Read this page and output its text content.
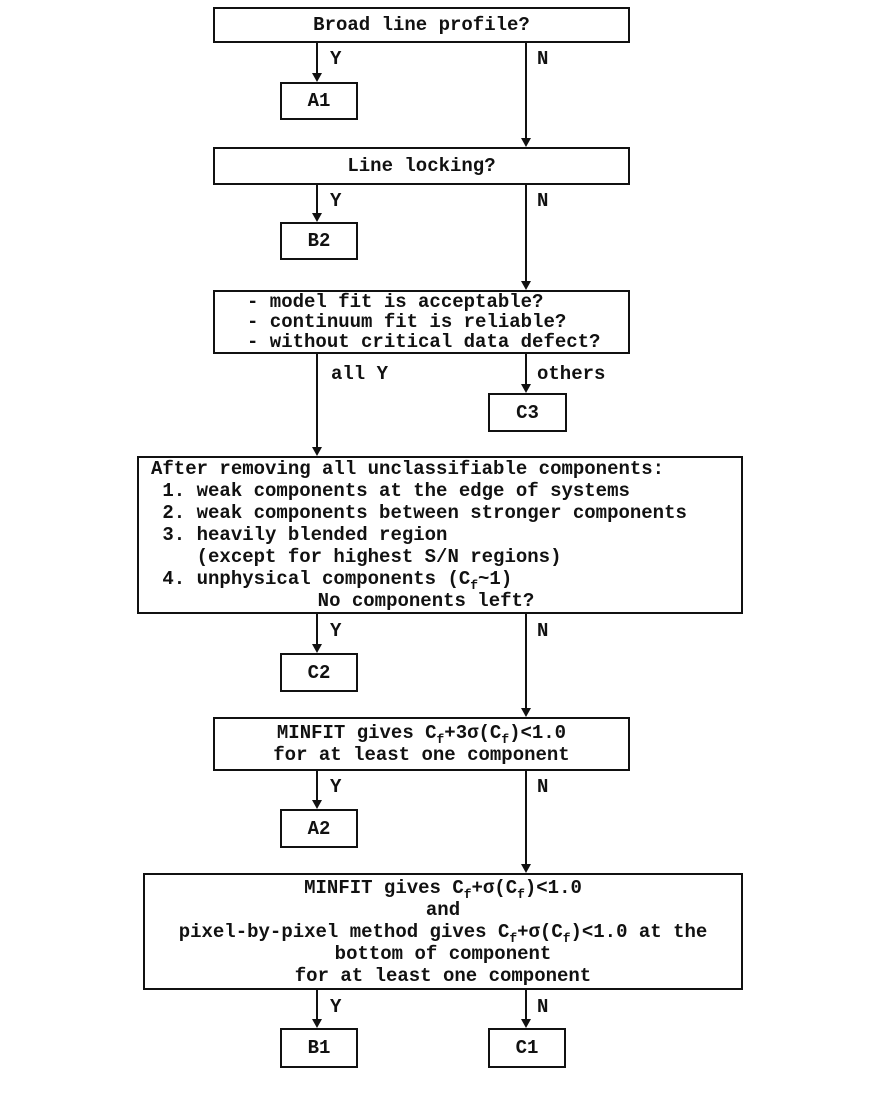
Broad line profile?
Y	N
A1
Line locking?
Y	N
B2
- model fit is acceptable?
- continuum fit is reliable?
- without critical data defect?
all Y	others
C3
After removing all unclassifiable components:
1. weak components at the edge of systems
2. weak components between stronger components
3. heavily blended region
(except for highest S/N regions)
4. unphysical components $(C_f\sim 1)$
No components left?
Y	N
C2
MINFIT gives $C_f+3\sigma(C_f)<1.0$
for at least one component
Y	N
A2
MINFIT gives $C_f+\sigma(C_f)<1.0$
and
pixel-by-pixel method gives $C_f+\sigma(C_f)<1.0$ at the
bottom of component
for at least one component
Y	N
B1	C1
